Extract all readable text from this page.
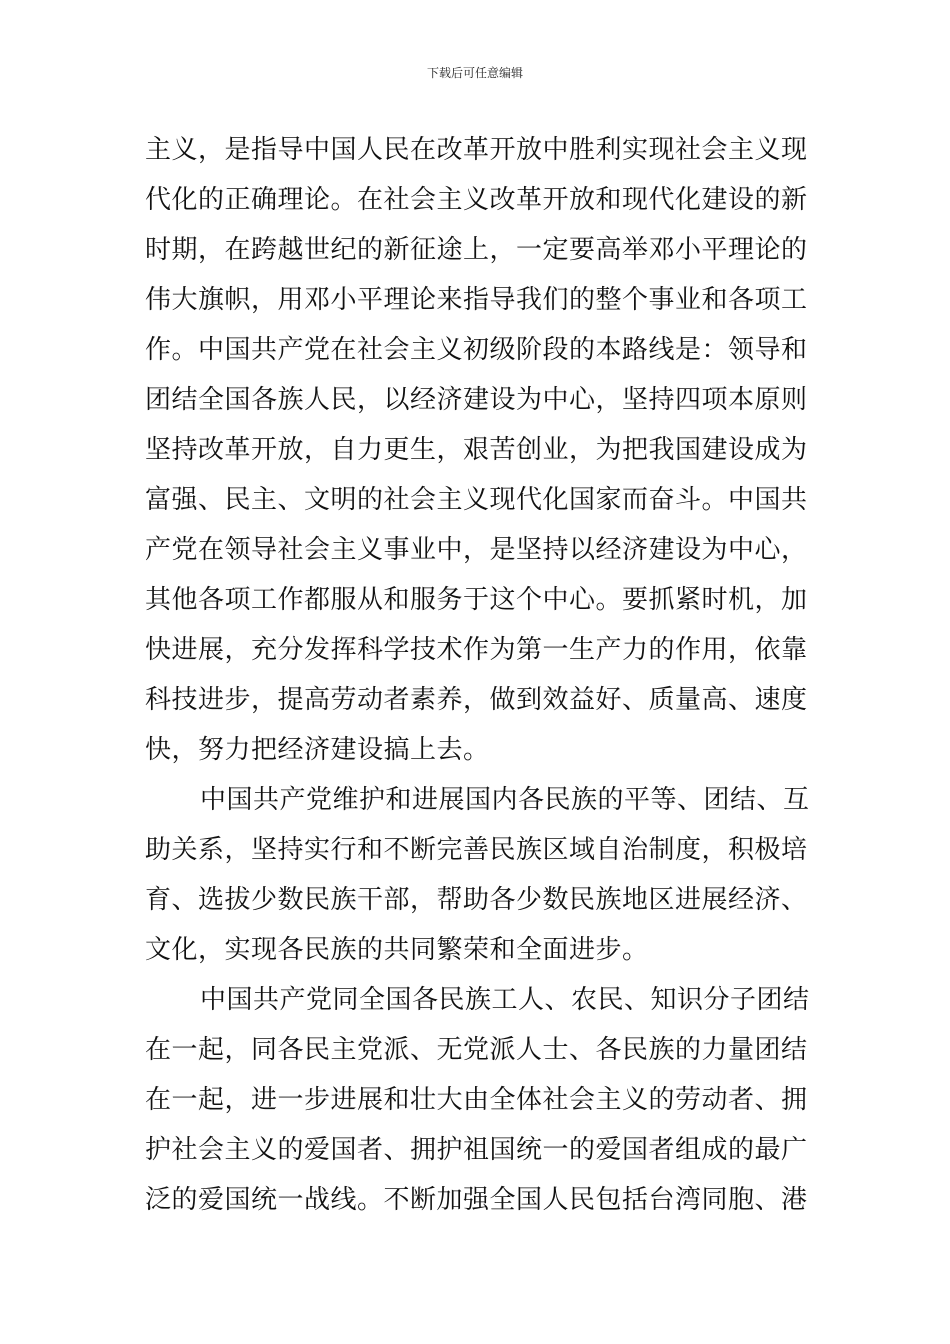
下载后可任意编辑
主义，是指导中国人民在改革开放中胜利实现社会主义现
代化的正确理论。在社会主义改革开放和现代化建设的新
时期，在跨越世纪的新征途上，一定要高举邓小平理论的
伟大旗帜，用邓小平理论来指导我们的整个事业和各项工
作。中国共产党在社会主义初级阶段的本路线是：领导和
团结全国各族人民，以经济建设为中心，坚持四项本原则
坚持改革开放，自力更生，艰苦创业，为把我国建设成为
富强、民主、文明的社会主义现代化国家而奋斗。中国共
产党在领导社会主义事业中，是坚持以经济建设为中心，
其他各项工作都服从和服务于这个中心。要抓紧时机，加
快进展，充分发挥科学技术作为第一生产力的作用，依靠
科技进步，提高劳动者素养，做到效益好、质量高、速度
快，努力把经济建设搞上去。
中国共产党维护和进展国内各民族的平等、团结、互
助关系，坚持实行和不断完善民族区域自治制度，积极培
育、选拔少数民族干部，帮助各少数民族地区进展经济、
文化，实现各民族的共同繁荣和全面进步。
中国共产党同全国各民族工人、农民、知识分子团结
在一起，同各民主党派、无党派人士、各民族的力量团结
在一起，进一步进展和壮大由全体社会主义的劳动者、拥
护社会主义的爱国者、拥护祖国统一的爱国者组成的最广
泛的爱国统一战线。不断加强全国人民包括台湾同胞、港
